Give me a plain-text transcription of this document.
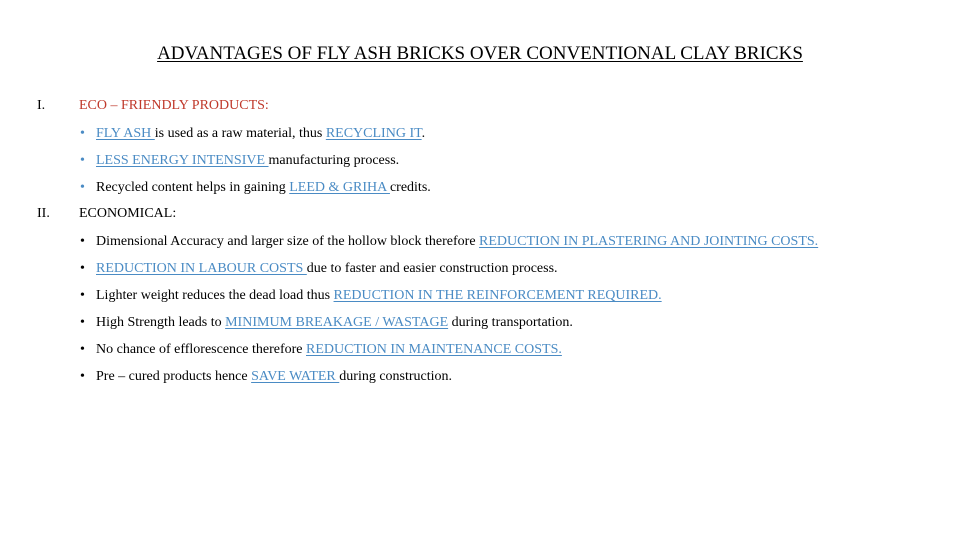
ADVANTAGES OF FLY ASH BRICKS OVER CONVENTIONAL CLAY BRICKS
I. ECO – FRIENDLY PRODUCTS:
• FLY ASH is used as a raw material, thus RECYCLING IT.
• LESS ENERGY INTENSIVE manufacturing process.
• Recycled content helps in gaining LEED & GRIHA credits.
II. ECONOMICAL:
• Dimensional Accuracy and larger size of the hollow block therefore REDUCTION IN PLASTERING AND JOINTING COSTS.
• REDUCTION IN LABOUR COSTS due to faster and easier construction process.
• Lighter weight reduces the dead load thus REDUCTION IN THE REINFORCEMENT REQUIRED.
• High Strength leads to MINIMUM BREAKAGE / WASTAGE during transportation.
• No chance of efflorescence therefore REDUCTION IN MAINTENANCE COSTS.
• Pre – cured products hence SAVE WATER during construction.
